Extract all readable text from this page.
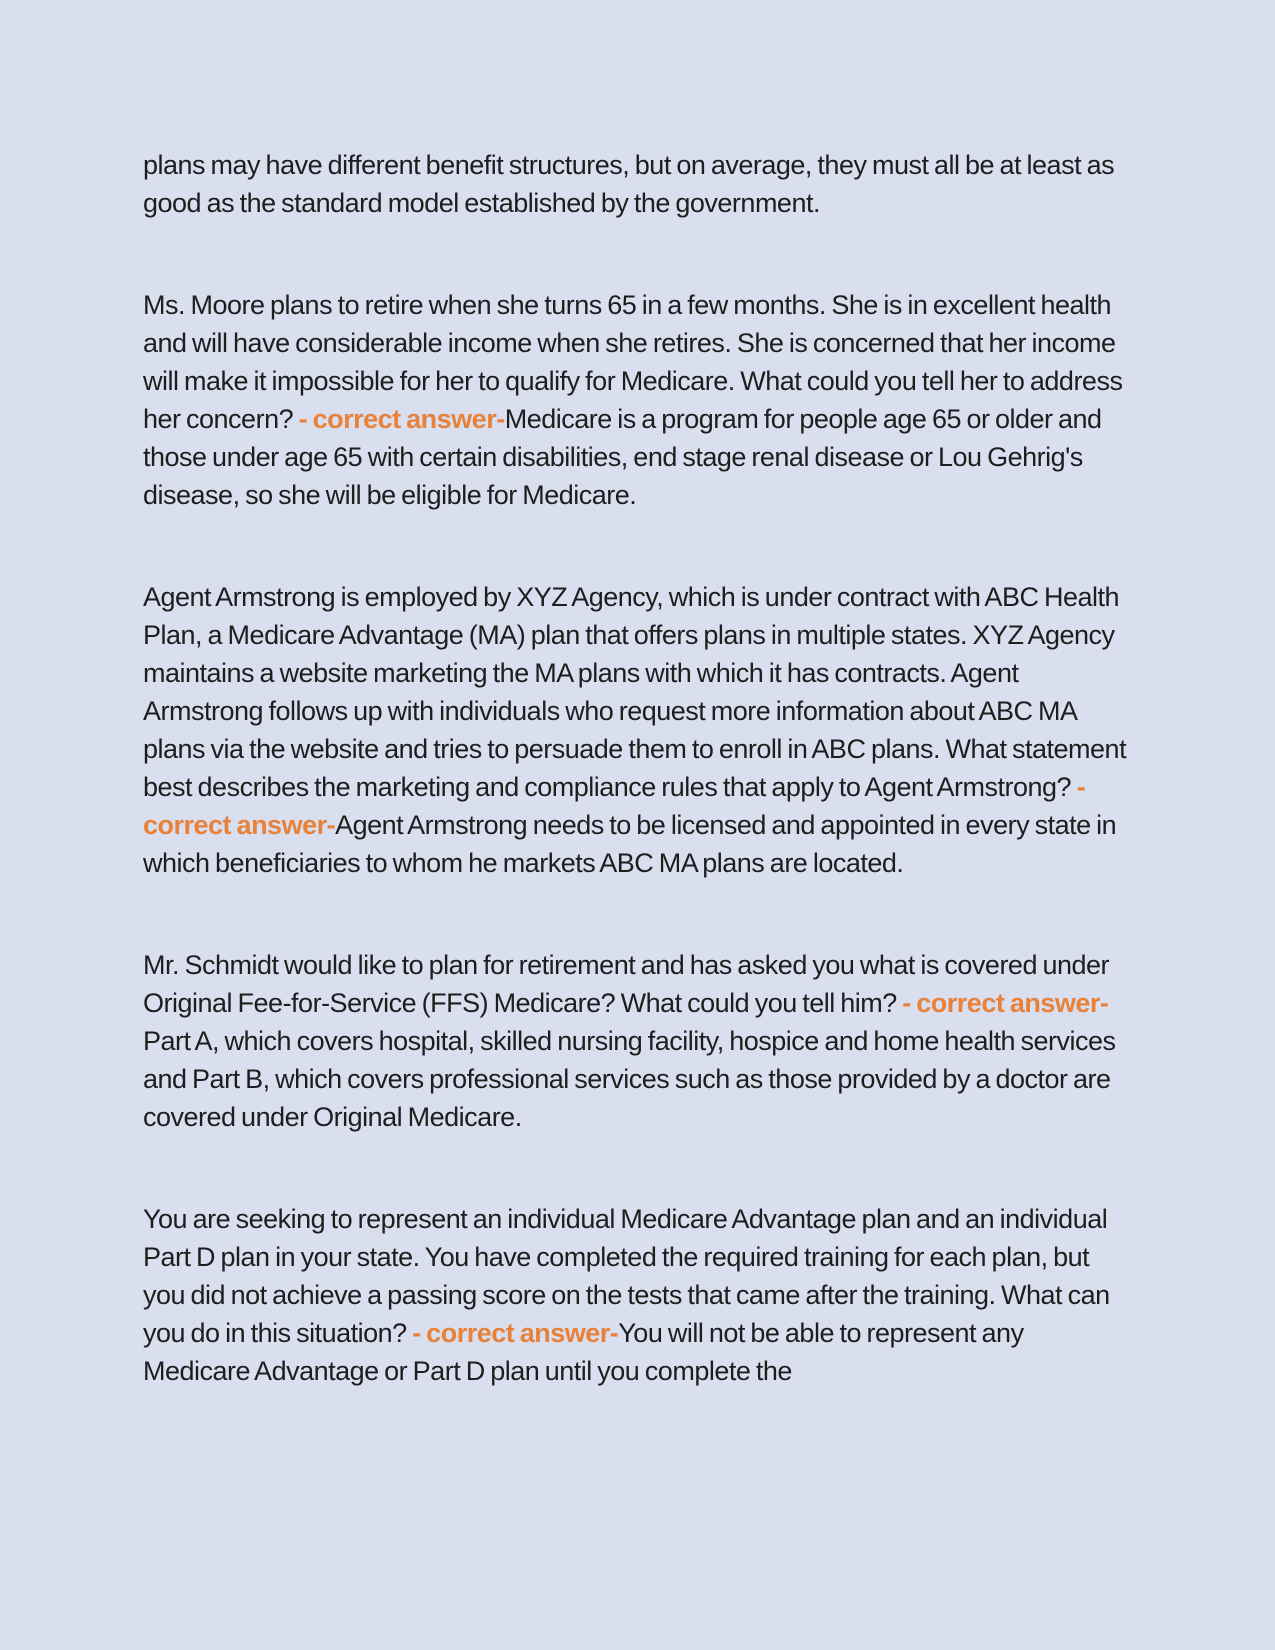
plans may have different benefit structures, but on average, they must all be at least as good as the standard model established by the government.

Ms. Moore plans to retire when she turns 65 in a few months. She is in excellent health and will have considerable income when she retires. She is concerned that her income will make it impossible for her to qualify for Medicare. What could you tell her to address her concern? - correct answer-Medicare is a program for people age 65 or older and those under age 65 with certain disabilities, end stage renal disease or Lou Gehrig's disease, so she will be eligible for Medicare.

Agent Armstrong is employed by XYZ Agency, which is under contract with ABC Health Plan, a Medicare Advantage (MA) plan that offers plans in multiple states. XYZ Agency maintains a website marketing the MA plans with which it has contracts. Agent Armstrong follows up with individuals who request more information about ABC MA plans via the website and tries to persuade them to enroll in ABC plans. What statement best describes the marketing and compliance rules that apply to Agent Armstrong? - correct answer-Agent Armstrong needs to be licensed and appointed in every state in which beneficiaries to whom he markets ABC MA plans are located.

Mr. Schmidt would like to plan for retirement and has asked you what is covered under Original Fee-for-Service (FFS) Medicare? What could you tell him? - correct answer-Part A, which covers hospital, skilled nursing facility, hospice and home health services and Part B, which covers professional services such as those provided by a doctor are covered under Original Medicare.

You are seeking to represent an individual Medicare Advantage plan and an individual Part D plan in your state. You have completed the required training for each plan, but you did not achieve a passing score on the tests that came after the training. What can you do in this situation? - correct answer-You will not be able to represent any Medicare Advantage or Part D plan until you complete the
